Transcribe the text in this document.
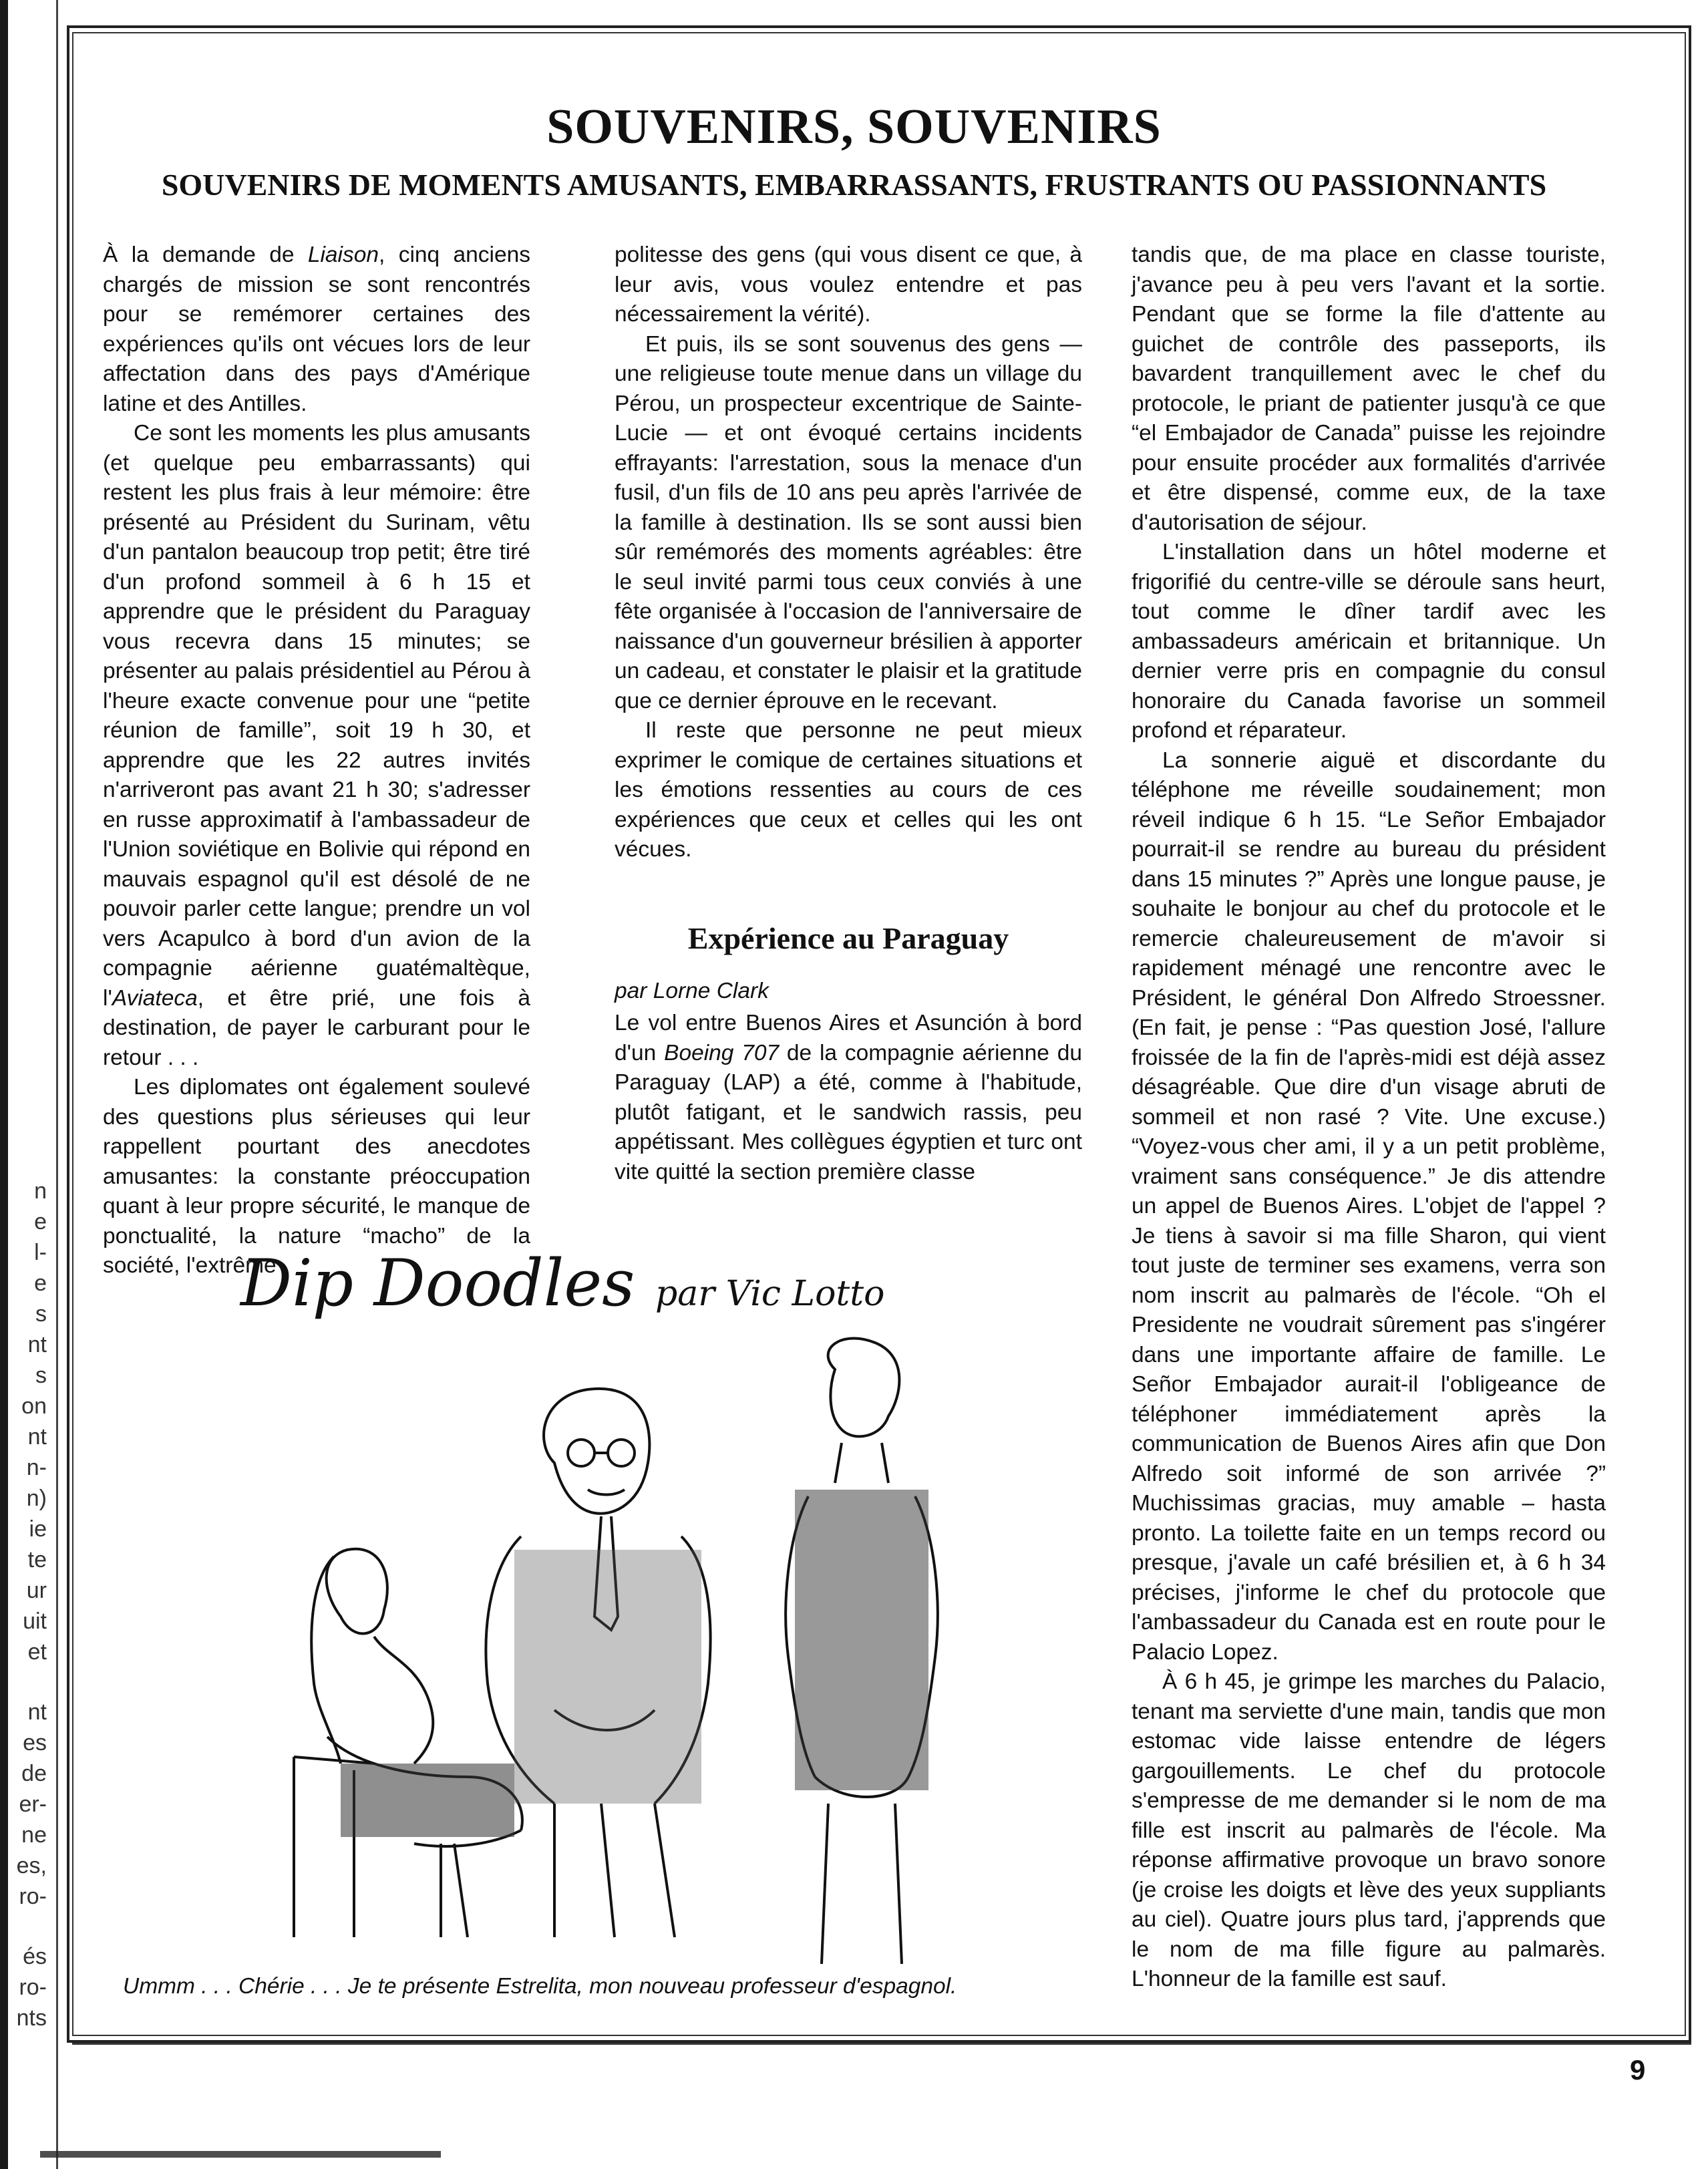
n
e
l-
e
s
nt
s
on
nt
n-
n)
ie
te
ur
uit
et
nt
es
de
er-
ne
es,
ro-
és
ro-
nts
SOUVENIRS, SOUVENIRS
SOUVENIRS DE MOMENTS AMUSANTS, EMBARRASSANTS, FRUSTRANTS OU PASSIONNANTS

À la demande de Liaison, cinq anciens chargés de mission se sont rencontrés pour se remémorer certaines des expériences qu'ils ont vécues lors de leur affectation dans des pays d'Amérique latine et des Antilles.

Ce sont les moments les plus amusants (et quelque peu embarrassants) qui restent les plus frais à leur mémoire: être présenté au Président du Surinam, vêtu d'un pantalon beaucoup trop petit; être tiré d'un profond sommeil à 6 h 15 et apprendre que le président du Paraguay vous recevra dans 15 minutes; se présenter au palais présidentiel au Pérou à l'heure exacte convenue pour une “petite réunion de famille”, soit 19 h 30, et apprendre que les 22 autres invités n'arriveront pas avant 21 h 30; s'adresser en russe approximatif à l'ambassadeur de l'Union soviétique en Bolivie qui répond en mauvais espagnol qu'il est désolé de ne pouvoir parler cette langue; prendre un vol vers Acapulco à bord d'un avion de la compagnie aérienne guatémaltèque, l'Aviateca, et être prié, une fois à destination, de payer le carburant pour le retour . . .

Les diplomates ont également soulevé des questions plus sérieuses qui leur rappellent pourtant des anecdotes amusantes: la constante préoccupation quant à leur propre sécurité, le manque de ponctualité, la nature “macho” de la société, l'extrême

politesse des gens (qui vous disent ce que, à leur avis, vous voulez entendre et pas nécessairement la vérité).

Et puis, ils se sont souvenus des gens — une religieuse toute menue dans un village du Pérou, un prospecteur excentrique de Sainte-Lucie — et ont évoqué certains incidents effrayants: l'arrestation, sous la menace d'un fusil, d'un fils de 10 ans peu après l'arrivée de la famille à destination. Ils se sont aussi bien sûr remémorés des moments agréables: être le seul invité parmi tous ceux conviés à une fête organisée à l'occasion de l'anniversaire de naissance d'un gouverneur brésilien à apporter un cadeau, et constater le plaisir et la gratitude que ce dernier éprouve en le recevant.

Il reste que personne ne peut mieux exprimer le comique de certaines situations et les émotions ressenties au cours de ces expériences que ceux et celles qui les ont vécues.

Expérience au Paraguay
par Lorne Clark

Le vol entre Buenos Aires et Asunción à bord d'un Boeing 707 de la compagnie aérienne du Paraguay (LAP) a été, comme à l'habitude, plutôt fatigant, et le sandwich rassis, peu appétissant. Mes collègues égyptien et turc ont vite quitté la section première classe

tandis que, de ma place en classe touriste, j'avance peu à peu vers l'avant et la sortie. Pendant que se forme la file d'attente au guichet de contrôle des passeports, ils bavardent tranquillement avec le chef du protocole, le priant de patienter jusqu'à ce que “el Embajador de Canada” puisse les rejoindre pour ensuite procéder aux formalités d'arrivée et être dispensé, comme eux, de la taxe d'autorisation de séjour.

L'installation dans un hôtel moderne et frigorifié du centre-ville se déroule sans heurt, tout comme le dîner tardif avec les ambassadeurs américain et britannique. Un dernier verre pris en compagnie du consul honoraire du Canada favorise un sommeil profond et réparateur.

La sonnerie aiguë et discordante du téléphone me réveille soudainement; mon réveil indique 6 h 15. “Le Señor Embajador pourrait-il se rendre au bureau du président dans 15 minutes ?” Après une longue pause, je souhaite le bonjour au chef du protocole et le remercie chaleureusement de m'avoir si rapidement ménagé une rencontre avec le Président, le général Don Alfredo Stroessner. (En fait, je pense : “Pas question José, l'allure froissée de la fin de l'après-midi est déjà assez désagréable. Que dire d'un visage abruti de sommeil et non rasé ? Vite. Une excuse.) “Voyez-vous cher ami, il y a un petit problème, vraiment sans conséquence.” Je dis attendre un appel de Buenos Aires. L'objet de l'appel ? Je tiens à savoir si ma fille Sharon, qui vient tout juste de terminer ses examens, verra son nom inscrit au palmarès de l'école. “Oh el Presidente ne voudrait sûrement pas s'ingérer dans une importante affaire de famille. Le Señor Embajador aurait-il l'obligeance de téléphoner immédiatement après la communication de Buenos Aires afin que Don Alfredo soit informé de son arrivée ?” Muchissimas gracias, muy amable – hasta pronto. La toilette faite en un temps record ou presque, j'avale un café brésilien et, à 6 h 34 précises, j'informe le chef du protocole que l'ambassadeur du Canada est en route pour le Palacio Lopez.

À 6 h 45, je grimpe les marches du Palacio, tenant ma serviette d'une main, tandis que mon estomac vide laisse entendre de légers gargouillements. Le chef du protocole s'empresse de me demander si le nom de ma fille est inscrit au palmarès de l'école. Ma réponse affirmative provoque un bravo sonore (je croise les doigts et lève des yeux suppliants au ciel). Quatre jours plus tard, j'apprends que le nom de ma fille figure au palmarès. L'honneur de la famille est sauf.

Dip Doodles par Vic Lotto
Ummm . . . Chérie . . . Je te présente Estrelita, mon nouveau professeur d'espagnol.
9
